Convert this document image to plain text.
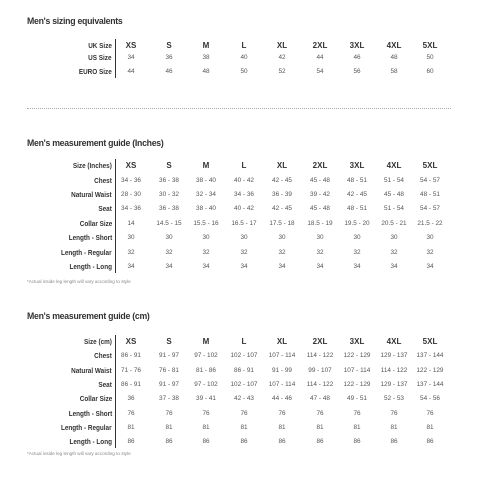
Men's sizing equivalents
UK Size	XS	S	M	L	XL	2XL	3XL	4XL	5XL
US Size	34	36	38	40	42	44	46	48	50
EURO Size	44	46	48	50	52	54	56	58	60
Men's measurement guide (Inches)
Size (Inches)	XS	S	M	L	XL	2XL	3XL	4XL	5XL
Chest	34 - 36	36 - 38	38 - 40	40 - 42	42 - 45	45 - 48	48 - 51	51 - 54	54 - 57
Natural Waist	28 - 30	30 - 32	32 - 34	34 - 36	36 - 39	39 - 42	42 - 45	45 - 48	48 - 51
Seat	34 - 36	36 - 38	38 - 40	40 - 42	42 - 45	45 - 48	48 - 51	51 - 54	54 - 57
Collar Size	14	14.5 - 15	15.5 - 16	16.5 - 17	17.5 - 18	18.5 - 19	19.5 - 20	20.5 - 21	21.5 - 22
Length - Short	30	30	30	30	30	30	30	30	30
Length - Regular	32	32	32	32	32	32	32	32	32
Length - Long	34	34	34	34	34	34	34	34	34
*Actual inside leg length will vary according to style
Men's measurement guide (cm)
Size (cm)	XS	S	M	L	XL	2XL	3XL	4XL	5XL
Chest	86 - 91	91 - 97	97 - 102	102 - 107	107 - 114	114 - 122	122 - 129	129 - 137	137 - 144
Natural Waist	71 - 76	76 - 81	81 - 86	86 - 91	91 - 99	99 - 107	107 - 114	114 - 122	122 - 129
Seat	86 - 91	91 - 97	97 - 102	102 - 107	107 - 114	114 - 122	122 - 129	129 - 137	137 - 144
Collar Size	36	37 - 38	39 - 41	42 - 43	44 - 46	47 - 48	49 - 51	52 - 53	54 - 56
Length - Short	76	76	76	76	76	76	76	76	76
Length - Regular	81	81	81	81	81	81	81	81	81
Length - Long	86	86	86	86	86	86	86	86	86
*Actual inside leg length will vary according to style
